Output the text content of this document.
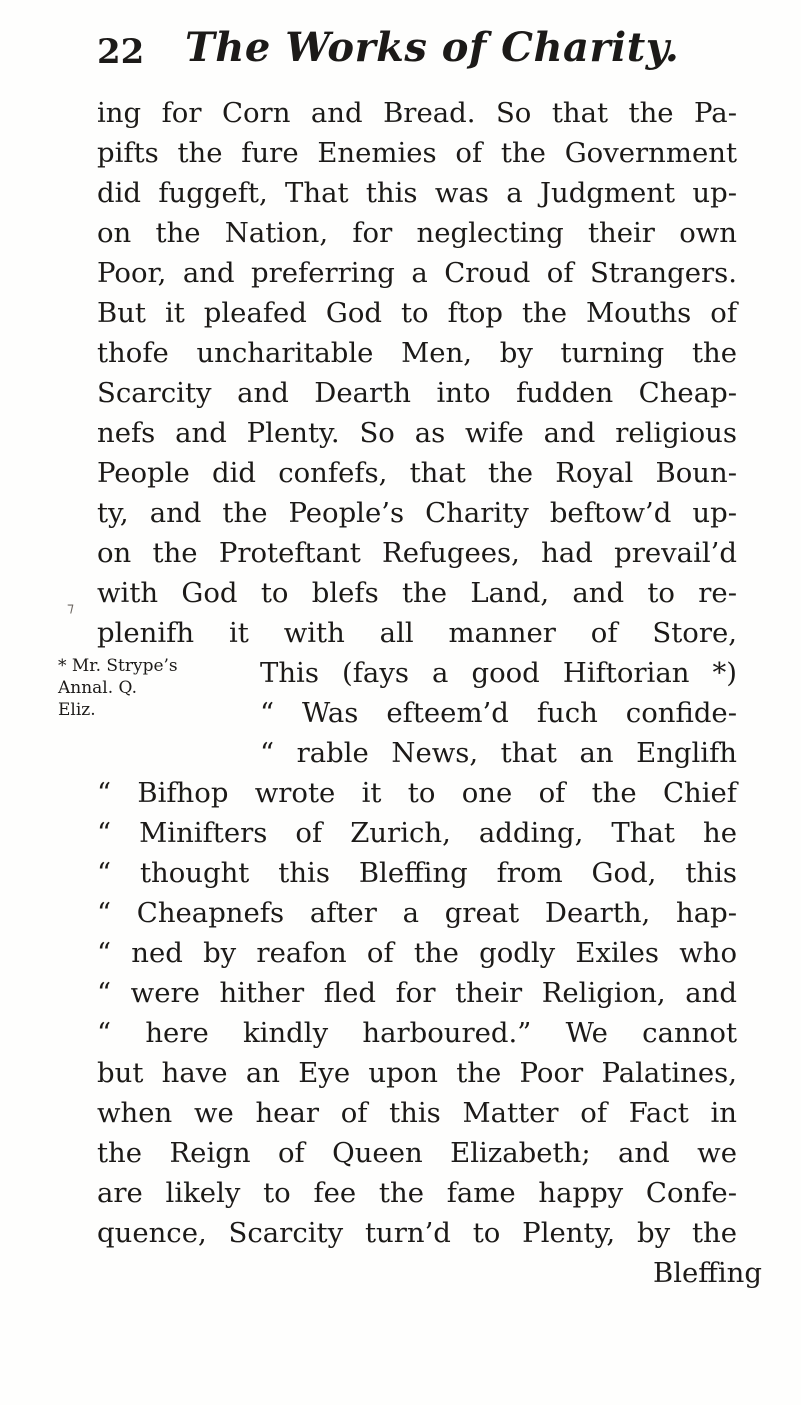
22 The Works of Charity.
⁊
ing for Corn and Bread. So that the Pa-
pifts the fure Enemies of the Government
did fuggeft, That this was a Judgment up-
on the Nation, for neglecting their own
Poor, and preferring a Croud of Strangers.
But it pleafed God to ftop the Mouths of
thofe uncharitable Men, by turning the
Scarcity and Dearth into fudden Cheap-
nefs and Plenty. So as wife and religious
People did confefs, that the Royal Boun-
ty, and the People’s Charity beftow’d up-
on the Proteftant Refugees, had prevail’d
with God to blefs the Land, and to re-
plenifh it with all manner of Store,
This (fays a good Hiftorian *)
“ Was efteem’d fuch confide-
“ rable News, that an Englifh
“ Bifhop wrote it to one of the Chief
“ Minifters of Zurich, adding, That he
“ thought this Bleffing from God, this
“ Cheapnefs after a great Dearth, hap-
“ ned by reafon of the godly Exiles who
“ were hither fled for their Religion, and
“ here kindly harboured.” We cannot
but have an Eye upon the Poor Palatines,
when we hear of this Matter of Fact in
the Reign of Queen Elizabeth; and we
are likely to fee the fame happy Confe-
quence, Scarcity turn’d to Plenty, by the
* Mr. Strype’s
Annal. Q.
Eliz.
Bleffing
